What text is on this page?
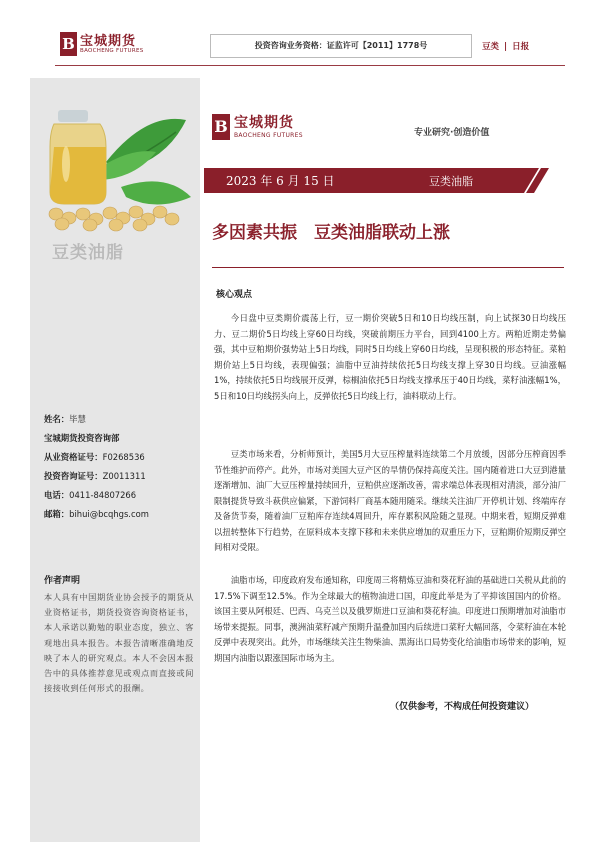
B 宝城期货
BAOCHENG FUTURES
投资咨询业务资格：证监许可【2011】1778号	豆类 | 日报
豆类油脂
姓名：毕慧
宝城期货投资咨询部
从业资格证号：F0268536
投资咨询证号：Z0011311
电话：0411-84807266
邮箱：bihui@bcqhgs.com
作者声明
本人具有中国期货业协会授予的期货从业资格证书，期货投资咨询资格证书，本人承诺以勤勉的职业态度，独立、客观地出具本报告。本报告清晰准确地反映了本人的研究观点。本人不会因本报告中的具体推荐意见或观点而直接或间接接收到任何形式的报酬。
B 宝城期货
BAOCHENG FUTURES	专业研究·创造价值
2023 年 6 月 15 日	豆类油脂
多因素共振　豆类油脂联动上涨
核心观点

今日盘中豆类期价震荡上行，豆一期价突破5日和10日均线压制，向上试探30日均线压力、豆二期价5日均线上穿60日均线，突破前期压力平台，回到4100上方。两粕近期走势偏强，其中豆粕期价强势站上5日均线，同时5日均线上穿60日均线，呈现积极的形态特征。菜粕期价站上5日均线，表现偏强；油脂中豆油持续依托5日均线支撑上穿30日均线。豆油涨幅1%，持续依托5日均线展开反弹，棕榈油依托5日均线支撑承压于40日均线，菜籽油涨幅1%，5日和10日均线拐头向上，反弹依托5日均线上行，油料联动上行。

豆类市场来看，分析师预计，美国5月大豆压榨量料连续第二个月放缓，因部分压榨商因季节性维护而停产。此外，市场对美国大豆产区的旱情仍保持高度关注。国内随着进口大豆到港量逐渐增加、油厂大豆压榨量持续回升，豆粕供应逐渐改善，需求端总体表现相对清淡，部分油厂限制提货导致斗萩供应偏紧，下游饲料厂商基本随用随采。继续关注油厂开停机计划、终端库存及备货节奏，随着油厂豆粕库存连续4周回升，库存累积风险随之显现。中期来看，短期反弹难以扭转整体下行趋势，在原料成本支撑下移和未来供应增加的双重压力下，豆粕期价短期反弹空间相对受限。

油脂市场，印度政府发布通知称，印度周三将精炼豆油和葵花籽油的基础进口关税从此前的17.5%下调至12.5%。作为全球最大的植物油进口国，印度此举是为了平抑该国国内的价格。该国主要从阿根廷、巴西、乌克兰以及俄罗斯进口豆油和葵花籽油。印度进口预期增加对油脂市场带来提振。同事，澳洲油菜籽减产预期升温叠加国内后续进口菜籽大幅回落，令菜籽油在本轮反弹中表现突出。此外，市场继续关注生物柴油、黑海出口局势变化给油脂市场带来的影响，短期国内油脂以跟涨国际市场为主。

（仅供参考，不构成任何投资建议）
